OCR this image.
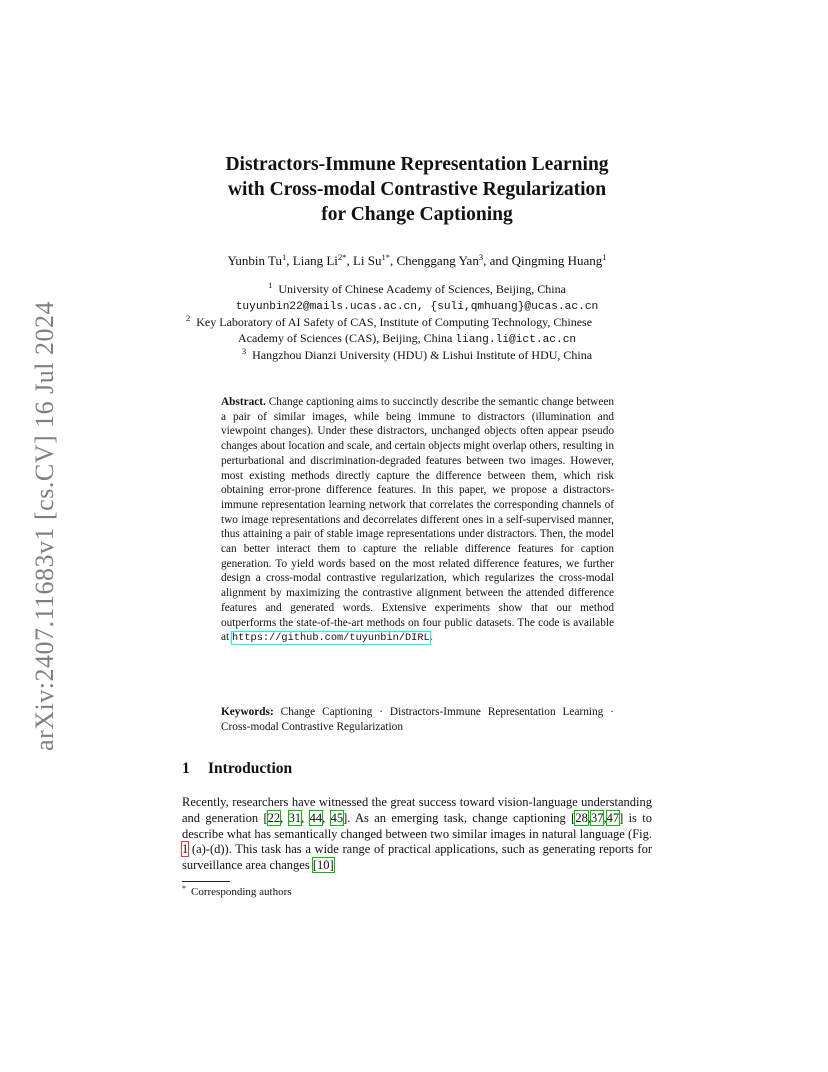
arXiv:2407.11683v1 [cs.CV] 16 Jul 2024
Distractors-Immune Representation Learning
with Cross-modal Contrastive Regularization
for Change Captioning
Yunbin Tu$^1$, Liang $Li^{2*}$, Li $Su^{1*}$, Chenggang Yan$^3$, and Qingming Huang$^1$
$^1$ University of Chinese Academy of Sciences, Beijing, China
tuyunbin22@mails.ucas.ac.cn, {suli,qmhuang}@ucas.ac.cn
$^2$ Key Laboratory of AI Safety of CAS, Institute of Computing Technology, Chinese
Academy of Sciences (CAS), Beijing, China liang.li@ict.ac.cn
$^3$ Hangzhou Dianzi University (HDU) & Lishui Institute of HDU, China
Abstract. Change captioning aims to succinctly describe the semantic change between a pair of similar images, while being immune to distractors (illumination and viewpoint changes). Under these distractors, unchanged objects often appear pseudo changes about location and scale, and certain objects might overlap others, resulting in perturbational and discrimination-degraded features between two images. However, most existing methods directly capture the difference between them, which risk obtaining error-prone difference features. In this paper, we propose a distractors-immune representation learning network that correlates the corresponding channels of two image representations and decorrelates different ones in a self-supervised manner, thus attaining a pair of stable image representations under distractors. Then, the model can better interact them to capture the reliable difference features for caption generation. To yield words based on the most related difference features, we further design a cross-modal contrastive regularization, which regularizes the cross-modal alignment by maximizing the contrastive alignment between the attended difference features and generated words. Extensive experiments show that our method outperforms the state-of-the-art methods on four public datasets. The code is available at https://github.com/tuyunbin/DIRL.
Keywords: Change Captioning · Distractors-Immune Representation Learning · Cross-modal Contrastive Regularization
1 Introduction
Recently, researchers have witnessed the great success toward vision-language understanding and generation [22, 31, 44, 45]. As an emerging task, change captioning [28,37,47] is to describe what has semantically changed between two similar images in natural language (Fig. 1 (a)-(d)). This task has a wide range of practical applications, such as generating reports for surveillance area changes [10]
* Corresponding authors
